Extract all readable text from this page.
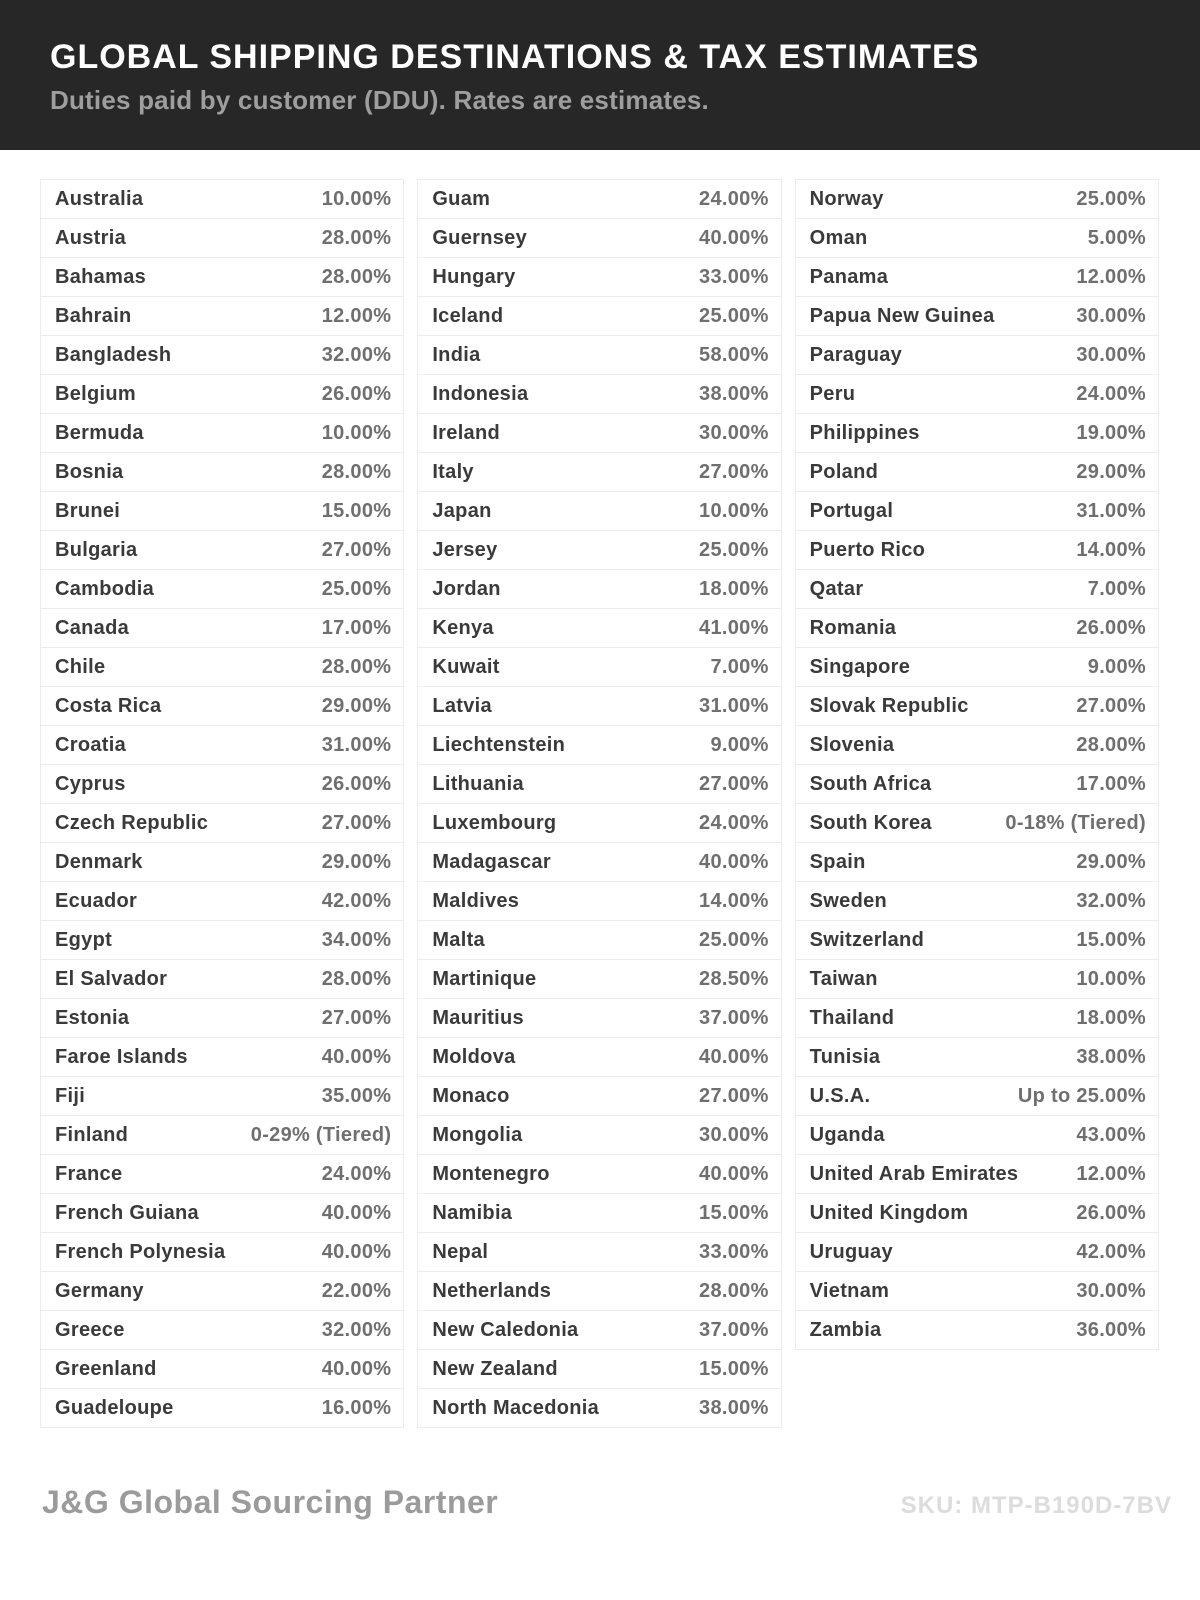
GLOBAL SHIPPING DESTINATIONS & TAX ESTIMATES

Duties paid by customer (DDU). Rates are estimates.

Australia	10.00%
Austria	28.00%
Bahamas	28.00%
Bahrain	12.00%
Bangladesh	32.00%
Belgium	26.00%
Bermuda	10.00%
Bosnia	28.00%
Brunei	15.00%
Bulgaria	27.00%
Cambodia	25.00%
Canada	17.00%
Chile	28.00%
Costa Rica	29.00%
Croatia	31.00%
Cyprus	26.00%
Czech Republic	27.00%
Denmark	29.00%
Ecuador	42.00%
Egypt	34.00%
El Salvador	28.00%
Estonia	27.00%
Faroe Islands	40.00%
Fiji	35.00%
Finland	0-29% (Tiered)
France	24.00%
French Guiana	40.00%
French Polynesia	40.00%
Germany	22.00%
Greece	32.00%
Greenland	40.00%
Guadeloupe	16.00%
Guam	24.00%
Guernsey	40.00%
Hungary	33.00%
Iceland	25.00%
India	58.00%
Indonesia	38.00%
Ireland	30.00%
Italy	27.00%
Japan	10.00%
Jersey	25.00%
Jordan	18.00%
Kenya	41.00%
Kuwait	7.00%
Latvia	31.00%
Liechtenstein	9.00%
Lithuania	27.00%
Luxembourg	24.00%
Madagascar	40.00%
Maldives	14.00%
Malta	25.00%
Martinique	28.50%
Mauritius	37.00%
Moldova	40.00%
Monaco	27.00%
Mongolia	30.00%
Montenegro	40.00%
Namibia	15.00%
Nepal	33.00%
Netherlands	28.00%
New Caledonia	37.00%
New Zealand	15.00%
North Macedonia	38.00%
Norway	25.00%
Oman	5.00%
Panama	12.00%
Papua New Guinea	30.00%
Paraguay	30.00%
Peru	24.00%
Philippines	19.00%
Poland	29.00%
Portugal	31.00%
Puerto Rico	14.00%
Qatar	7.00%
Romania	26.00%
Singapore	9.00%
Slovak Republic	27.00%
Slovenia	28.00%
South Africa	17.00%
South Korea	0-18% (Tiered)
Spain	29.00%
Sweden	32.00%
Switzerland	15.00%
Taiwan	10.00%
Thailand	18.00%
Tunisia	38.00%
U.S.A.	Up to 25.00%
Uganda	43.00%
United Arab Emirates	12.00%
United Kingdom	26.00%
Uruguay	42.00%
Vietnam	30.00%
Zambia	36.00%
J&G Global Sourcing Partner	SKU: MTP-B190D-7BV
